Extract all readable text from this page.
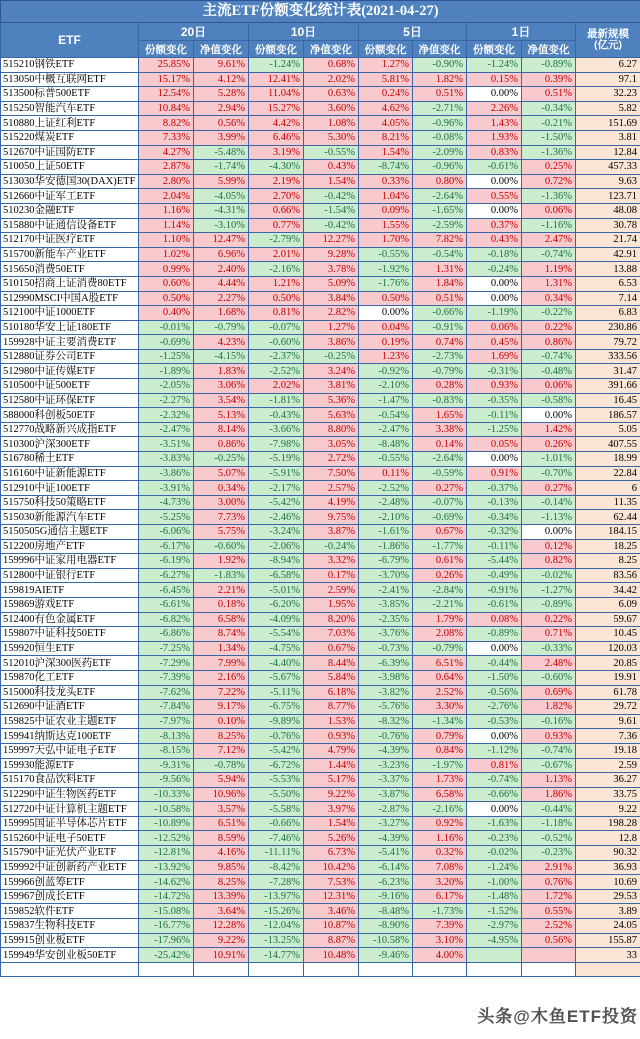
主流ETF份额变化统计表(2021-04-27)									
ETF	20日		10日		5日		1日		最新规模
(亿元)

	份额变化	净值变化	份额变化	净值变化	份额变化	净值变化	份额变化	净值变化	
515210钢铁ETF	25.85%	9.61%	-1.24%	0.68%	1.27%	-0.90%	-1.24%	-0.89%	6.27
513050中概互联网ETF	15.17%	4.12%	12.41%	2.02%	5.81%	1.82%	0.15%	0.39%	97.1
513500标普500ETF	12.54%	5.28%	11.04%	0.63%	0.24%	0.51%	0.00%	0.51%	32.23
515250智能汽车ETF	10.84%	2.94%	15.27%	3.60%	4.62%	-2.71%	2.26%	-0.34%	5.82
510880上证红利ETF	8.82%	0.56%	4.42%	1.08%	4.05%	-0.96%	1.43%	-0.21%	151.69
515220煤炭ETF	7.33%	3.99%	6.46%	5.30%	8.21%	-0.08%	1.93%	-1.50%	3.81
512670中证国防ETF	4.27%	-5.48%	3.19%	-0.55%	1.54%	-2.09%	0.83%	-1.36%	12.84
510050上证50ETF	2.87%	-1.74%	-4.30%	0.43%	-8.74%	-0.96%	-0.61%	0.25%	457.33
513030华安德国30(DAX)ETF	2.80%	5.99%	2.19%	1.54%	0.33%	0.80%	0.00%	0.72%	9.63
512660中证军工ETF	2.04%	-4.05%	2.70%	-0.42%	1.04%	-2.64%	0.55%	-1.36%	123.71
510230金融ETF	1.16%	-4.31%	0.66%	-1.54%	0.09%	-1.65%	0.00%	0.06%	48.08
515880中证通信设备ETF	1.14%	-3.10%	0.77%	-0.42%	1.55%	-2.59%	0.37%	-1.16%	30.78
512170中证医疗ETF	1.10%	12.47%	-2.79%	12.27%	1.70%	7.82%	0.43%	2.47%	21.74
515700新能车产业ETF	1.02%	6.96%	2.01%	9.28%	-0.55%	-0.54%	-0.18%	-0.74%	42.91
515650消费50ETF	0.99%	2.40%	-2.16%	3.78%	-1.92%	1.31%	-0.24%	1.19%	13.88
510150招商上证消费80ETF	0.60%	4.44%	1.21%	5.09%	-1.76%	1.84%	0.00%	1.31%	6.53
512990MSCI中国A股ETF	0.50%	2.27%	0.50%	3.84%	0.50%	0.51%	0.00%	0.34%	7.14
512100中证1000ETF	0.40%	1.68%	0.81%	2.82%	0.00%	-0.66%	-1.19%	-0.22%	6.83
510180华安上证180ETF	-0.01%	-0.79%	-0.07%	1.27%	0.04%	-0.91%	0.06%	0.22%	230.86
159928中证主要消费ETF	-0.69%	4.23%	-0.60%	3.86%	0.19%	0.74%	0.45%	0.86%	79.72
512880证券公司ETF	-1.25%	-4.15%	-2.37%	-0.25%	1.23%	-2.73%	1.69%	-0.74%	333.56
512980中证传媒ETF	-1.89%	1.83%	-2.52%	3.24%	-0.92%	-0.79%	-0.31%	-0.48%	31.47
510500中证500ETF	-2.05%	3.06%	2.02%	3.81%	-2.10%	0.28%	0.93%	0.06%	391.66
512580中证环保ETF	-2.27%	3.54%	-1.81%	5.36%	-1.47%	-0.83%	-0.35%	-0.58%	16.45
588000科创板50ETF	-2.32%	5.13%	-0.43%	5.63%	-0.54%	1.65%	-0.11%	0.00%	186.57
512770战略新兴成指ETF	-2.47%	8.14%	-3.66%	8.80%	-2.47%	3.38%	-1.25%	1.42%	5.05
510300沪深300ETF	-3.51%	0.86%	-7.98%	3.05%	-8.48%	0.14%	0.05%	0.26%	407.55
516780稀土ETF	-3.83%	-0.25%	-5.19%	2.72%	-0.55%	-2.64%	0.00%	-1.01%	18.99
516160中证新能源ETF	-3.86%	5.07%	-5.91%	7.50%	0.11%	-0.59%	0.91%	-0.70%	22.84
512910中证100ETF	-3.91%	0.34%	-2.17%	2.57%	-2.52%	0.27%	-0.37%	0.27%	6
515750科技50策略ETF	-4.73%	3.00%	-5.42%	4.19%	-2.48%	-0.07%	-0.13%	-0.14%	11.35
515030新能源汽车ETF	-5.25%	7.73%	-2.46%	9.75%	-2.10%	-0.69%	-0.34%	-1.13%	62.44
5150505G通信主题ETF	-6.06%	5.75%	-3.24%	3.87%	-1.61%	0.67%	-0.32%	0.00%	184.15
512200房地产ETF	-6.17%	-0.60%	-2.06%	-0.24%	-1.86%	-1.77%	-0.11%	0.12%	18.25
159996中证家用电器ETF	-6.19%	1.92%	-8.94%	3.32%	-6.79%	0.61%	-5.44%	0.82%	8.25
512800中证银行ETF	-6.27%	-1.83%	-6.58%	0.17%	-3.70%	0.26%	-0.49%	-0.02%	83.56
159819AIETF	-6.45%	2.21%	-5.01%	2.59%	-2.41%	-2.84%	-0.91%	-1.27%	34.42
159869游戏ETF	-6.61%	0.18%	-6.20%	1.95%	-3.85%	-2.21%	-0.61%	-0.89%	6.09
512400有色金属ETF	-6.82%	6.58%	-4.09%	8.20%	-2.35%	1.79%	0.08%	0.22%	59.67
159807中证科技50ETF	-6.86%	8.74%	-5.54%	7.03%	-3.76%	2.08%	-0.89%	0.71%	10.45
159920恒生ETF	-7.25%	1.34%	-4.75%	0.67%	-0.73%	-0.79%	0.00%	-0.33%	120.03
512010沪深300医药ETF	-7.29%	7.99%	-4.40%	8.44%	-6.39%	6.51%	-0.44%	2.48%	20.85
159870化工ETF	-7.39%	2.16%	-5.67%	5.84%	-3.98%	0.64%	-1.50%	-0.60%	19.91
515000科技龙头ETF	-7.62%	7.22%	-5.11%	6.18%	-3.82%	2.52%	-0.56%	0.69%	61.78
512690中证酒ETF	-7.84%	9.17%	-6.75%	8.77%	-5.76%	3.30%	-2.76%	1.82%	29.72
159825中证农业主题ETF	-7.97%	0.10%	-9.89%	1.53%	-8.32%	-1.34%	-0.53%	-0.16%	9.61
159941纳斯达克100ETF	-8.13%	8.25%	-0.76%	0.93%	-0.76%	0.79%	0.00%	0.93%	7.36
159997天弘中证电子ETF	-8.15%	7.12%	-5.42%	4.79%	-4.39%	0.84%	-1.12%	-0.74%	19.18
159930能源ETF	-9.31%	-0.78%	-6.72%	1.44%	-3.23%	-1.97%	0.81%	-0.67%	2.59
515170食品饮料ETF	-9.56%	5.94%	-5.53%	5.17%	-3.37%	1.73%	-0.74%	1.13%	36.27
512290中证生物医药ETF	-10.33%	10.96%	-5.50%	9.22%	-3.87%	6.58%	-0.66%	1.86%	33.75
512720中证计算机主题ETF	-10.58%	3.57%	-5.58%	3.97%	-2.87%	-2.16%	0.00%	-0.44%	9.22
159995国证半导体芯片ETF	-10.89%	6.51%	-0.66%	1.54%	-3.27%	0.92%	-1.63%	-1.18%	198.28
515260中证电子50ETF	-12.52%	8.59%	-7.46%	5.26%	-4.39%	1.16%	-0.23%	-0.52%	12.8
515790中证光伏产业ETF	-12.81%	4.16%	-11.11%	6.73%	-5.41%	0.32%	-0.02%	-0.23%	90.32
159992中证创新药产业ETF	-13.92%	9.85%	-8.42%	10.42%	-6.14%	7.08%	-1.24%	2.91%	36.93
159966创蓝筹ETF	-14.62%	8.25%	-7.28%	7.53%	-6.23%	3.20%	-1.00%	0.76%	10.69
159967创成长ETF	-14.72%	13.39%	-13.97%	12.31%	-9.16%	6.17%	-1.48%	1.72%	29.53
159852软件ETF	-15.08%	3.64%	-15.26%	3.46%	-8.48%	-1.73%	-1.52%	0.55%	3.89
159837生物科技ETF	-16.77%	12.28%	-12.04%	10.87%	-8.90%	7.39%	-2.97%	2.52%	24.05
159915创业板ETF	-17.96%	9.22%	-13.25%	8.87%	-10.58%	3.10%	-4.95%	0.56%	155.87
159949华安创业板50ETF	-25.42%	10.91%	-14.77%	10.48%	-9.46%	4.00%			33

头条@木鱼ETF投资
